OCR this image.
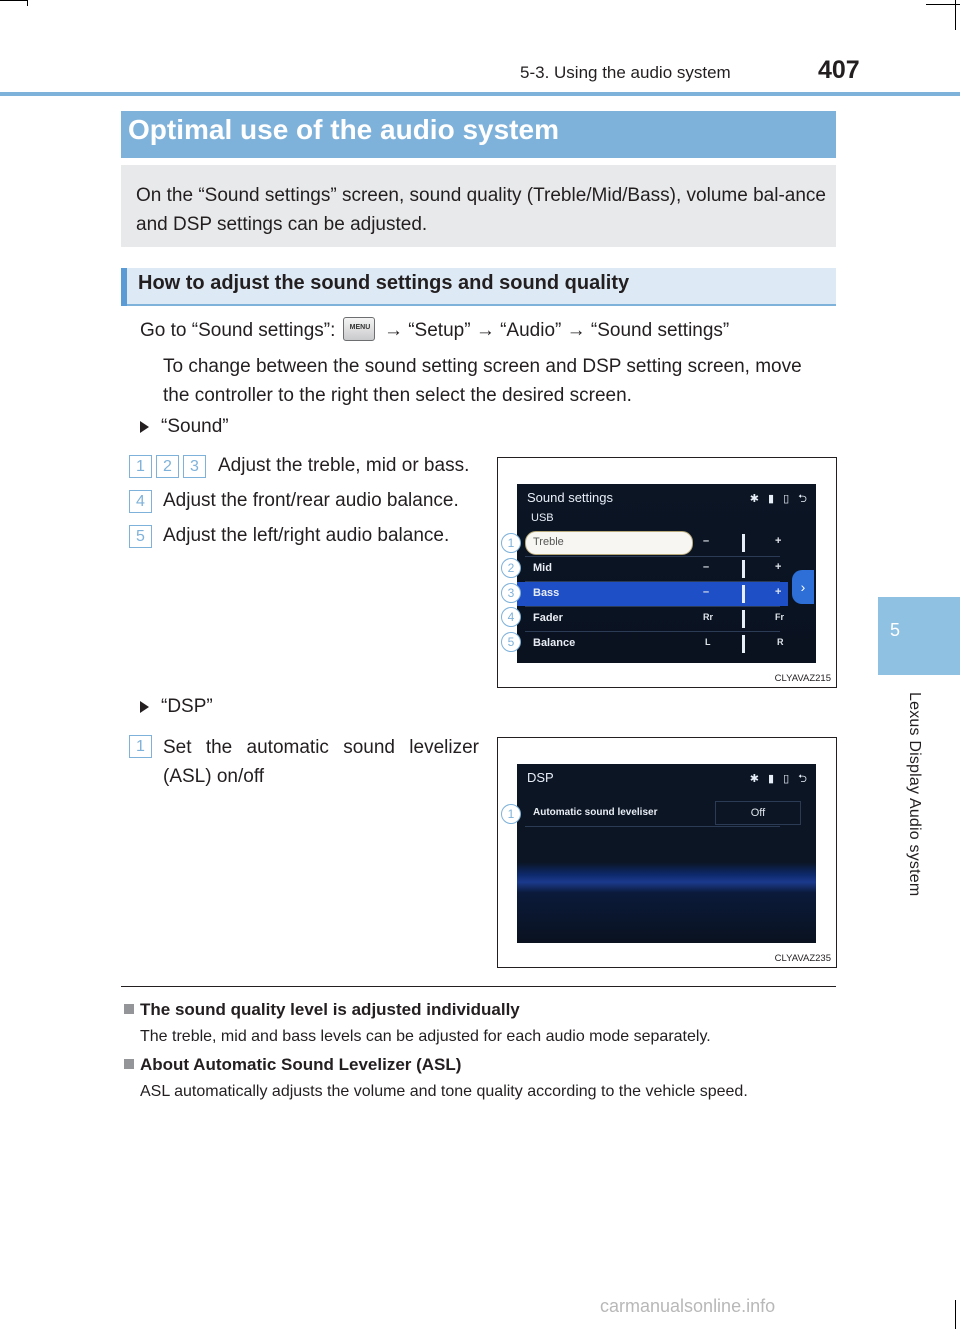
5-3. Using the audio system	407
5
Lexus Display Audio system
Optimal use of the audio system
On the “Sound settings” screen, sound quality (Treble/Mid/Bass), volume bal-ance and DSP settings can be adjusted.
How to adjust the sound settings and sound quality
Go to “Sound settings”: MENU → “Setup” → “Audio” → “Sound settings”
To change between the sound setting screen and DSP setting screen, move the controller to the right then select the desired screen.
“Sound”
1	2	3	Adjust the treble, mid or bass.
4 Adjust the front/rear audio balance.
5 Adjust the left/right audio balance.
Sound settings	✱ ▮ ▯ ⮌
USB
Treble	–	+
Mid	–	+
Bass	–	+
Fader	Rr	Fr
Balance	L	R
›
1
2
3
4
5
CLYAVAZ215
“DSP”
1 Set the automatic sound levelizer (ASL) on/off	DSP	✱ ▮ ▯ ⮌
Automatic sound leveliser	Off
1
CLYAVAZ235
The sound quality level is adjusted individually
The treble, mid and bass levels can be adjusted for each audio mode separately.
About Automatic Sound Levelizer (ASL)
ASL automatically adjusts the volume and tone quality according to the vehicle speed.
carmanualsonline.info
